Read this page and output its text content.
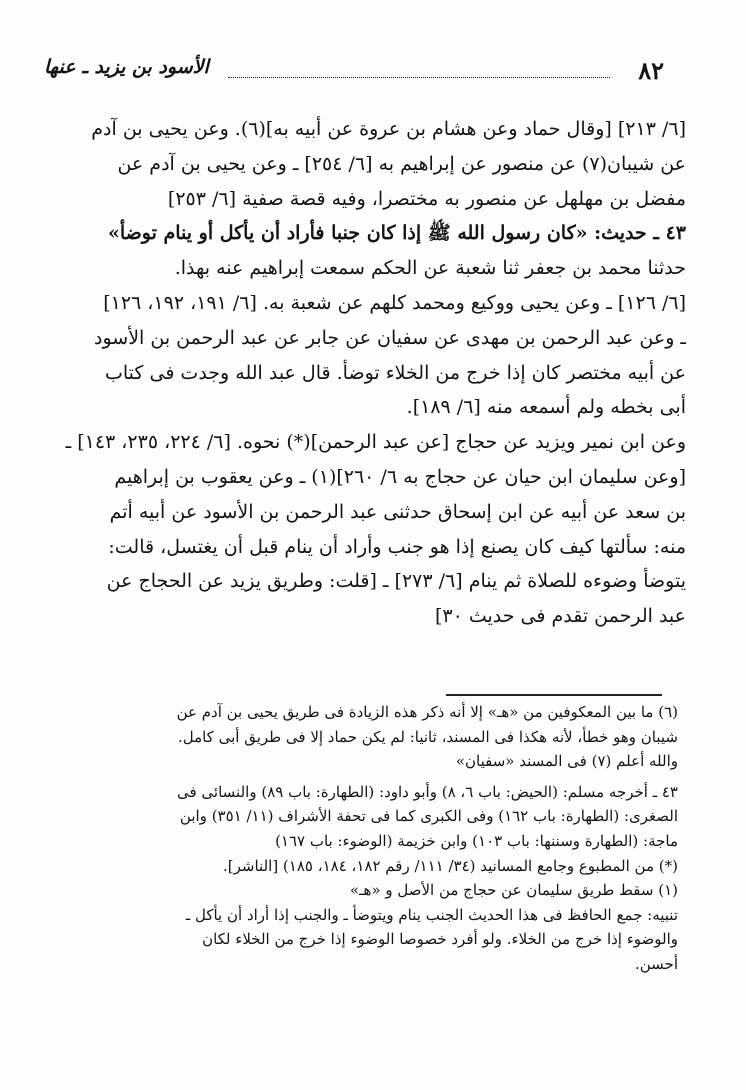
٨٢
الأسود بن يزيد ـ عنها

[٦/ ٢١٣] [وقال حماد وعن هشام بن عروة عن أبيه به](٦). وعن يحيى بن آدم

عن شيبان(٧) عن منصور عن إبراهيم به [٦/ ٢٥٤] ـ وعن يحيى بن آدم عن

مفضل بن مهلهل عن منصور به مختصرا، وفيه قصة صفية [٦/ ٢٥٣]

٤٣ ـ حديث: «كان رسول الله ﷺ إذا كان جنبا فأراد أن يأكل أو ينام توضأ»

حدثنا محمد بن جعفر ثنا شعبة عن الحكم سمعت إبراهيم عنه بهذا.

[٦/ ١٢٦] ـ وعن يحيى ووكيع ومحمد كلهم عن شعبة به. [٦/ ١٩١، ١٩٢، ١٢٦]

ـ وعن عبد الرحمن بن مهدى عن سفيان عن جابر عن عبد الرحمن بن الأسود

عن أبيه مختصر كان إذا خرج من الخلاء توضأ. قال عبد الله وجدت فى كتاب

أبى بخطه ولم أسمعه منه [٦/ ١٨٩].

وعن ابن نمير ويزيد عن حجاج [عن عبد الرحمن](*) نحوه. [٦/ ٢٢٤، ٢٣٥، ١٤٣] ـ

[وعن سليمان ابن حيان عن حجاج به ٦/ ٢٦٠](١) ـ وعن يعقوب بن إبراهيم

بن سعد عن أبيه عن ابن إسحاق حدثنى عبد الرحمن بن الأسود عن أبيه أتم

منه: سألتها كيف كان يصنع إذا هو جنب وأراد أن ينام قبل أن يغتسل، قالت:

يتوضأ وضوءه للصلاة ثم ينام [٦/ ٢٧٣] ـ [قلت: وطريق يزيد عن الحجاج عن

عبد الرحمن تقدم فى حديث ٣٠]

(٦) ما بين المعكوفين من «هـ» إلا أنه ذكر هذه الزيادة فى طريق يحيى بن آدم عن

شيبان وهو خطأ، لأنه هكذا فى المسند، ثانيا: لم يكن حماد إلا فى طريق أبى كامل.

والله أعلم (٧) فى المسند «سفيان»

٤٣ ـ أخرجه مسلم: (الحيض: باب ٦، ٨) وأبو داود: (الطهارة: باب ٨٩) والنسائى فى

الصغرى: (الطهارة: باب ١٦٢) وفى الكبرى كما فى تحفة الأشراف (١١/ ٣٥١) وابن

ماجة: (الطهارة وسننها: باب ١٠٣) وابن خزيمة (الوضوء: باب ١٦٧)

(*) من المطبوع وجامع المسانيد (٣٤/ ١١١/ رقم ١٨٢، ١٨٤، ١٨٥) [الناشر].

(١) سقط طريق سليمان عن حجاج من الأصل و «هـ»

تنبيه: جمع الحافظ فى هذا الحديث الجنب ينام ويتوضأ ـ والجنب إذا أراد أن يأكل ـ

والوضوء إذا خرج من الخلاء. ولو أفرد خصوصا الوضوء إذا خرج من الخلاء لكان

أحسن.
